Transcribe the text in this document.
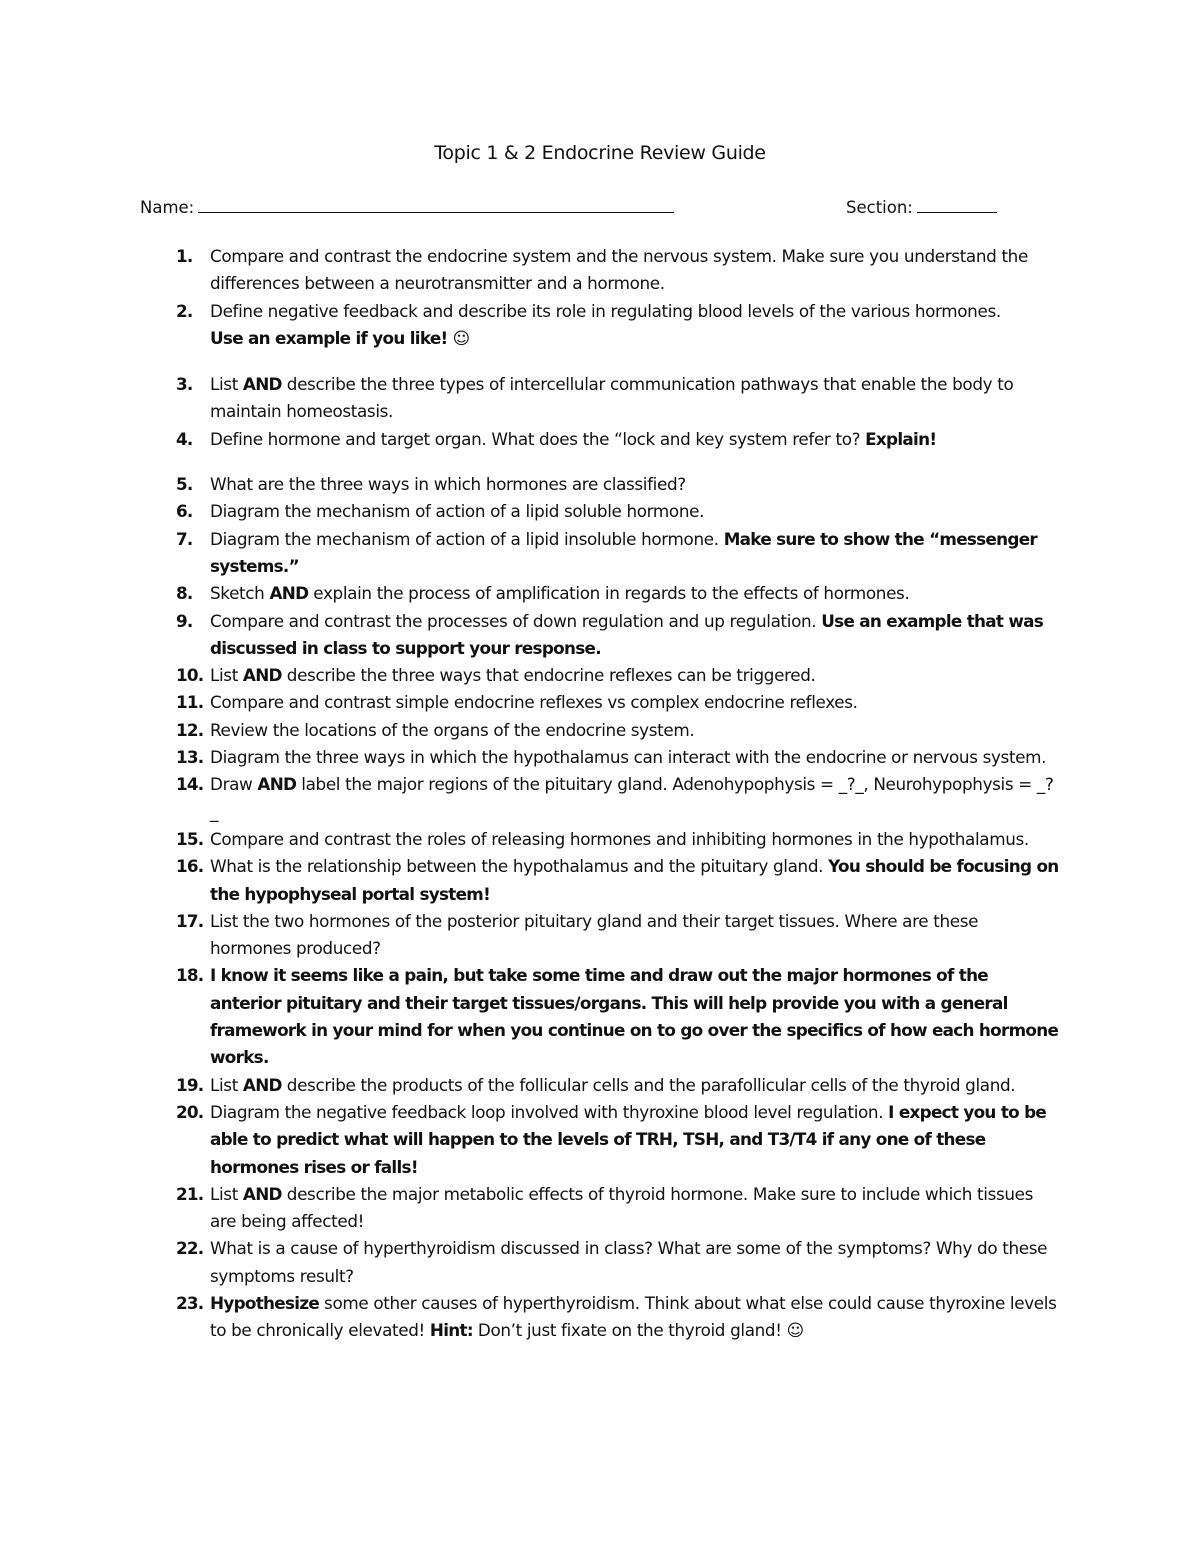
Topic 1 & 2 Endocrine Review Guide
Name:	Section:
1. Compare and contrast the endocrine system and the nervous system. Make sure you understand the differences between a neurotransmitter and a hormone.
2. Define negative feedback and describe its role in regulating blood levels of the various hormones.
Use an example if you like! ☺
3. List AND describe the three types of intercellular communication pathways that enable the body to maintain homeostasis.
4. Define hormone and target organ. What does the “lock and key system refer to? Explain!
5. What are the three ways in which hormones are classified?
6. Diagram the mechanism of action of a lipid soluble hormone.
7. Diagram the mechanism of action of a lipid insoluble hormone. Make sure to show the “messenger systems.”
8. Sketch AND explain the process of amplification in regards to the effects of hormones.
9. Compare and contrast the processes of down regulation and up regulation. Use an example that was discussed in class to support your response.
10. List AND describe the three ways that endocrine reflexes can be triggered.
11. Compare and contrast simple endocrine reflexes vs complex endocrine reflexes.
12. Review the locations of the organs of the endocrine system.
13. Diagram the three ways in which the hypothalamus can interact with the endocrine or nervous system.
14. Draw AND label the major regions of the pituitary gland. Adenohypophysis = _?_, Neurohypophysis = _?_
15. Compare and contrast the roles of releasing hormones and inhibiting hormones in the hypothalamus.
16. What is the relationship between the hypothalamus and the pituitary gland. You should be focusing on the hypophyseal portal system!
17. List the two hormones of the posterior pituitary gland and their target tissues. Where are these hormones produced?
18. I know it seems like a pain, but take some time and draw out the major hormones of the anterior pituitary and their target tissues/organs. This will help provide you with a general framework in your mind for when you continue on to go over the specifics of how each hormone works.
19. List AND describe the products of the follicular cells and the parafollicular cells of the thyroid gland.
20. Diagram the negative feedback loop involved with thyroxine blood level regulation. I expect you to be able to predict what will happen to the levels of TRH, TSH, and T3/T4 if any one of these hormones rises or falls!
21. List AND describe the major metabolic effects of thyroid hormone. Make sure to include which tissues are being affected!
22. What is a cause of hyperthyroidism discussed in class? What are some of the symptoms? Why do these symptoms result?
23. Hypothesize some other causes of hyperthyroidism. Think about what else could cause thyroxine levels to be chronically elevated! Hint: Don’t just fixate on the thyroid gland! ☺
